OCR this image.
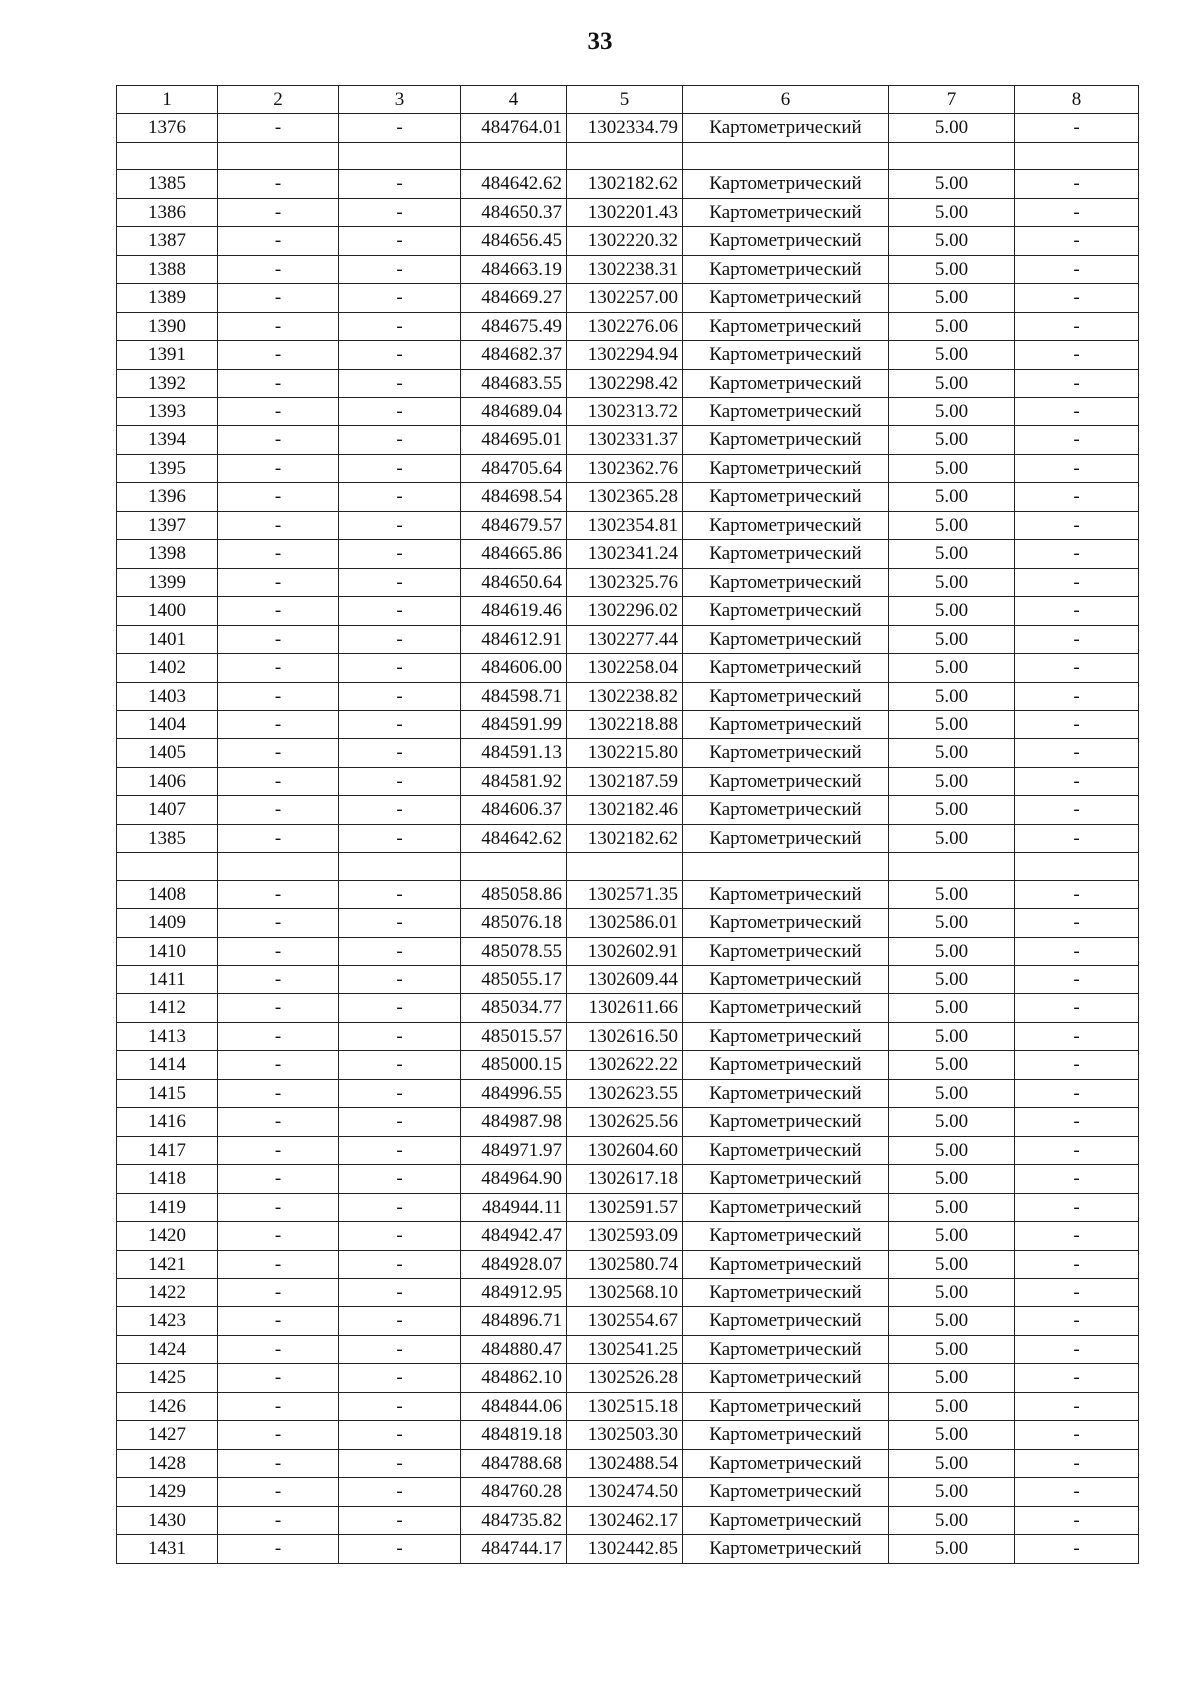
33
1	2	3	4	5	6	7	8
1376	-	-	484764.01	1302334.79	Картометрический	5.00	-

1385	-	-	484642.62	1302182.62	Картометрический	5.00	-
1386	-	-	484650.37	1302201.43	Картометрический	5.00	-
1387	-	-	484656.45	1302220.32	Картометрический	5.00	-
1388	-	-	484663.19	1302238.31	Картометрический	5.00	-
1389	-	-	484669.27	1302257.00	Картометрический	5.00	-
1390	-	-	484675.49	1302276.06	Картометрический	5.00	-
1391	-	-	484682.37	1302294.94	Картометрический	5.00	-
1392	-	-	484683.55	1302298.42	Картометрический	5.00	-
1393	-	-	484689.04	1302313.72	Картометрический	5.00	-
1394	-	-	484695.01	1302331.37	Картометрический	5.00	-
1395	-	-	484705.64	1302362.76	Картометрический	5.00	-
1396	-	-	484698.54	1302365.28	Картометрический	5.00	-
1397	-	-	484679.57	1302354.81	Картометрический	5.00	-
1398	-	-	484665.86	1302341.24	Картометрический	5.00	-
1399	-	-	484650.64	1302325.76	Картометрический	5.00	-
1400	-	-	484619.46	1302296.02	Картометрический	5.00	-
1401	-	-	484612.91	1302277.44	Картометрический	5.00	-
1402	-	-	484606.00	1302258.04	Картометрический	5.00	-
1403	-	-	484598.71	1302238.82	Картометрический	5.00	-
1404	-	-	484591.99	1302218.88	Картометрический	5.00	-
1405	-	-	484591.13	1302215.80	Картометрический	5.00	-
1406	-	-	484581.92	1302187.59	Картометрический	5.00	-
1407	-	-	484606.37	1302182.46	Картометрический	5.00	-
1385	-	-	484642.62	1302182.62	Картометрический	5.00	-

1408	-	-	485058.86	1302571.35	Картометрический	5.00	-
1409	-	-	485076.18	1302586.01	Картометрический	5.00	-
1410	-	-	485078.55	1302602.91	Картометрический	5.00	-
1411	-	-	485055.17	1302609.44	Картометрический	5.00	-
1412	-	-	485034.77	1302611.66	Картометрический	5.00	-
1413	-	-	485015.57	1302616.50	Картометрический	5.00	-
1414	-	-	485000.15	1302622.22	Картометрический	5.00	-
1415	-	-	484996.55	1302623.55	Картометрический	5.00	-
1416	-	-	484987.98	1302625.56	Картометрический	5.00	-
1417	-	-	484971.97	1302604.60	Картометрический	5.00	-
1418	-	-	484964.90	1302617.18	Картометрический	5.00	-
1419	-	-	484944.11	1302591.57	Картометрический	5.00	-
1420	-	-	484942.47	1302593.09	Картометрический	5.00	-
1421	-	-	484928.07	1302580.74	Картометрический	5.00	-
1422	-	-	484912.95	1302568.10	Картометрический	5.00	-
1423	-	-	484896.71	1302554.67	Картометрический	5.00	-
1424	-	-	484880.47	1302541.25	Картометрический	5.00	-
1425	-	-	484862.10	1302526.28	Картометрический	5.00	-
1426	-	-	484844.06	1302515.18	Картометрический	5.00	-
1427	-	-	484819.18	1302503.30	Картометрический	5.00	-
1428	-	-	484788.68	1302488.54	Картометрический	5.00	-
1429	-	-	484760.28	1302474.50	Картометрический	5.00	-
1430	-	-	484735.82	1302462.17	Картометрический	5.00	-
1431	-	-	484744.17	1302442.85	Картометрический	5.00	-
